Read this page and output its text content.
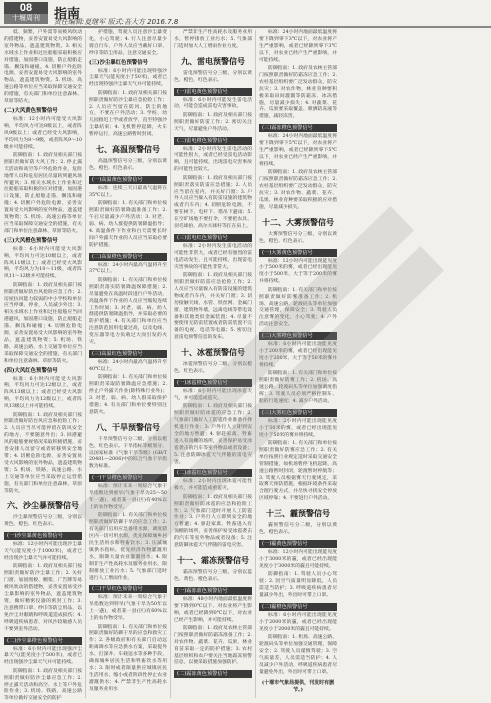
08
十堰周刊	指南
责任编辑:夏继军 版式:吾大方 2016.7.8
低、频繁，户外需等易被风吹动的搭建物，妥善安置易受大风影响的室外物品，遮盖建筑物资。3. 相关水域水上作业和过往船舶采取积极应对措施，加固港口设施，防止船舶走锚、搁浅和碰撞。4. 切断户外危险电源，妥善安置易受大风影响的室外物品，遮盖建筑物资。5. 机场、高速公路等单位应当采取保障交通安全的措施，有关部门和单位注意森林、草原等防火。
(二)大风黄色预警信号
标准：12小时内可能受大风影响，平均风力可达8级以上，或者阵风9级以上；或者已经受大风影响，平均风力为8～9级，或者阵风9～10级并可能持续。
防御指南：1. 政府及相关部门按照职责做好防大风工作；2. 停止露天活动和高空等户外危险作业，危险地带人员和危房居民尽量转到避风场所避风；3. 相关水域水上作业和过往船舶采取积极的应对措施，加固港口设施，防止船舶走锚、搁浅和碰撞；4. 切断户外危险电源，妥善安置易受大风影响的室外物品，遮盖建筑物资；5. 机场、高速公路等单位应当采取保障交通安全的措施，有关部门和单位注意森林、草原等防火。
(三)大风橙色预警信号
标准：6小时内可能受大风影响，平均风力可达10级以上，或者阵风11级以上；或者已经受大风影响，平均风力为10～11级，或者阵风11～12级并可能持续。
防御指南：1. 政府及相关部门按照职责做好防台风抢险应急工作；2. 房屋抗风能力较弱的中小学校和单位应当停课、停业，人员减少外出；3. 相关水域水上作业和过往船舶应当回港避风，加固港口设施，防止船舶走锚、搁浅和碰撞；4. 切断危险电源，妥善安置易受大风影响的室外物品，遮盖建筑物资；5. 机场、铁路、高速公路、水上交通等单位应当采取保障交通安全的措施，有关部门和单位注意森林、草原等防火。
(四)大风红色预警信号
标准：6小时内可能受大风影响，平均风力可达12级以上，或者阵风13级以上；或者已经受大风影响，平均风力为12级以上，或者阵风13级以上并可能持续。
防御指南：1. 政府及相关部门按照职责做好防台风应急和抢险工作；2. 人员应当尽可能停留在防风安全的地方，不要随意外出；3. 回港避风的船舶要视情况采取积极措施，妥善安排人员留守或者转移到安全地带；4. 切断危险电源，妥善安置易受大风影响的室外物品，遮盖建筑物资；5. 机场、铁路、高速公路、水上交通等单位应当采取停止运营措施，有关部门和单位注意森林、草原等防火。
六、沙尘暴预警信号
沙尘暴预警信号分三级，分别以黄色、橙色、红色表示。
(一)沙尘暴黄色预警信号
标准：12小时内可能出现沙尘暴天气(能见度小于1000米)，或者已经出现沙尘暴天气并可能持续。
防御指南：1. 政府及相关部门按照职责做好防沙尘暴工作；2. 关好门窗，加固围板、棚架、广告牌等易被风吹动的搭建物，妥善安置易受沙尘暴影响的室外物品，遮盖建筑物资，做好精密仪器的密封工作；3. 注意携带口罩、纱巾等防尘用品，以免沙尘对眼睛和呼吸道造成损伤；4. 呼吸道疾病患者、对风沙较敏感人员不要到室外活动。
(二)沙尘暴橙色预警信号
标准：6小时内可能出现强沙尘暴天气(能见度小于500米)，或者已经出现强沙尘暴天气并可能持续。
防御指南：1. 政府及相关部门按照职责做好防沙尘暴应急工作；2. 停止露天活动和高空、水上等户外危险作业；3. 机场、铁路、高速公路等单位做好交通安全的防护
护措施，驾驶人员注意沙尘暴变化，小心驾驶；4. 行人注意尽量少骑自行车，户外人员应当戴好口罩、纱巾等防尘用品，注意交通安全。
(三)沙尘暴红色预警信号
标准：6小时内可能出现特强沙尘暴天气(能见度小于50米)，或者已经出现特强沙尘暴天气并可能持续。
防御指南：1. 政府及相关部门按照职责做好防沙尘暴应急抢险工作；2. 人员应当留在防风、防尘的地方，不要在户外活动；3. 学校、幼儿园推迟上学或者放学，直至特强沙尘暴结束；4. 飞机暂停起降，火车暂停运行，高速公路暂时封闭。
七、高温预警信号
高温预警信号分三级，分别以黄色、橙色、红色表示。
(一)高温黄色预警信号
标准：连续三天日最高气温将在35℃以上。
防御指南：1. 有关部门和单位按照职责做好防暑降温准备工作；2. 午后尽量减少户外活动；3. 对老、弱、病、幼人群提供防暑降温指导；4. 高温条件下作业和白天需要长时间户外露天作业的人员应当采取必要防护措施。
(二)高温橙色预警信号
标准：24小时内最高气温将升至37℃以上。
防御指南：1. 有关部门和单位按照职责落实防暑降温保障措施；2. 尽量避免在高温时段进行户外活动，高温条件下作业的人员应当缩短连续工作时间；3. 对老、弱、病、幼人群提供防暑降温指导，并采取必要的防护措施；4. 有关部门和单位应当注意防范因用电量过高，以及电线、变压器等电力负载过大而引发的火灾。
(三)高温红色预警信号
标准：24小时内最高气温将升至40℃以上。
防御指南：1. 有关部门和单位按照职责采取防暑降温应急措施；2. 停止户外露天作业(除特殊行业外)；3. 对老、弱、病、幼人群采取保护措施；4. 有关部门和单位要特别注意防火。
八、干旱预警信号
干旱预警信号分二级，分别以橙色、红色表示。干旱指标等级划分，以国家标准《气象干旱等级》(GB/T20481—2006)中的综合气象干旱指数为标准。
(一)干旱橙色预警信号
标准：预计未来一周综合气象干旱指数达到重旱(气象干旱为25～50年一遇)，或者某一县(区)有40%以上的农作物受旱。
防御指南：1. 有关部门和单位按照职责做好防御干旱的应急工作；2. 有关部门启用应急备用水源，调度辖区内一切可用水源，优先保障城乡居民生活用水和牲畜饮水；3. 压减城镇供水指标，优先经济作物灌溉用水，限制大量农业灌溉用水；4. 限制非生产性高耗水及服务业用水，限制排放工业污水；5. 气象部门适时进行人工增雨作业。
(二)干旱红色预警信号
标准：预计未来一周综合气象干旱指数达到特旱(气象干旱为50年以上一遇)，或者某一县(区)有60%以上的农作物受旱。
防御指南：1. 有关部门和单位按照职责做好防御干旱的应急和救灾工作；2. 各级政府和有关部门启动远距离调水等应急供水方案，采取提外水、打深井、车载送水等多种手段，确保城乡居民生活和牲畜饮水等用水；3. 限时或者限量供应城镇居民生活用水，缩小或者阶段性停止农业灌溉供水；4. 严禁非生产性高耗水及服务业用水
严禁非生产性高耗水及服务业用水，暂停排放工业污水；5. 气象部门适时加大人工增雨作业力度。
九、雷电预警信号
雷电预警信号分三级，分别以黄色、橙色、红色表示。
(一)雷电黄色预警信号
标准：6小时内可能发生雷电活动，可能会造成雷电灾害事故。
防御指南：1. 政府及相关部门按照职责做好防雷工作；2. 密切关注天气，尽量避免户外活动。
(二)雷电橙色预警信号
标准：2小时内发生雷电活动的可能性很大，或者已经受雷电活动影响，且可能持续，出现雷电灾害事故的可能性比较大。
防御指南：1. 政府及相关部门按照职责落实防雷应急措施；2. 人员应当留在室内，并关好门窗；3. 户外人员应当躲入有防雷设施的建筑物或者汽车内；4. 切断危险电源，不要在树下、电杆下、塔吊下避雨；5. 在空旷场地不要打伞，不要把农具、羽毛球拍、高尔夫球杆等扛在肩上。
(三)雷电红色预警信号
标准：2小时内发生雷电活动的可能性非常大，或者已经有强烈的雷电活动发生，且可能持续，出现雷电灾害事故的可能性非常大。
防御指南：1. 政府及相关部门按照职责做好防雷应急抢险工作；2. 人员应当尽量躲入有防雷设施的建筑物或者汽车内，并关好门窗；3. 切勿接触天线、水管、铁丝网、金属门窗、建筑物外墙，远离电线等带电设备和其他类似金属装置；4. 尽量不要使用无防雷装置或者防雷装置不完备的电视、电话等电器；5. 密切注意雷电预警信息的发布。
十、冰雹预警信号
冰雹预警信号分二级，分别以橙色、红色表示。
(一)冰雹橙色预警信号
标准：6小时内可能出现冰雹天气，并可能造成雹灾。
防御指南：1. 政府及相关部门按照职责做好防冰雹的应急工作；2. 气象部门做好人工防雹作业准备并择机进行作业；3. 户外行人立即到安全的地方暂避；4. 驱赶家禽、牲畜进入有顶棚的场所，妥善保护易受冰雹袭击的汽车等室外物品或者设备；5. 注意防御冰雹天气伴随的雷电灾害。
(二)冰雹红色预警信号
标准：2小时内出现冰雹可能性极大，并可能造成重雹灾。
防御指南：1. 政府及相关部门按照职责做好防冰雹的应急和抢险工作；2. 气象部门适时开展人工防雹作业；3. 户外行人立即到安全的地方暂避；4. 驱赶家禽、牲畜进入有顶棚的场所，妥善保护易受冰雹袭击的汽车等室外物品或者设备；5. 注意防御冰雹天气伴随的雷电灾害。
十一、霜冻预警信号
霜冻预警信号分三级，分别以蓝色、黄色、橙色表示。
(一)霜冻蓝色预警信号
标准：48小时内地面最低温度将要下降到0℃以下，对农业将产生影响，或者已经降到0℃以下，对农业已经产生影响，并可能持续。
防御指南：1. 政府及农林主管部门按照职责做好防霜冻准备工作；2. 对农作物、蔬菜、花卉、瓜果、林业育苗采取一定的防护措施；3. 农村基层组织和农户要关注当地霜冻预警信息，以便采取措施加强防护。
(二)霜冻黄色预警信号
标准：24小时内地面最低温度将要下降到零下3℃以下，对农业将产生严重影响，或者已经降到零下3℃以下，对农业已经产生严重影响，并可能持续。
防御指南：1. 政府及农林主管部门按照职责做好防霜冻应急工作；2. 农村基层组织要广泛发动群众，防灾抗灾；3. 对农作物、林业育种要积极采取田间灌溉等防霜冻、冰冻措施，尽量减少损失；4. 对蔬菜、花卉、瓜果要采取覆盖、喷洒防冻液等措施，减轻冻害。
(三)霜冻橙色预警信号
标准：24小时内地面最低温度将要下降到零下5℃以下，对农业将产生严重影响，或者已经降到零下5℃以下，对农业已经产生严重影响，并将持续。
防御指南：1. 政府及农林主管部门按照职责做好防霜冻应急工作；2. 农村基层组织要广泛发动群众，防灾抗灾；3. 对农作物、蔬菜、花卉、瓜果、林业育种要采取积极的应对措施，尽量减少损失。
十二、大雾预警信号
大雾预警信号分三级，分别以黄色、橙色、红色表示。
(一)大雾黄色预警信号
标准：12小时内可能出现能见度小于500米的雾，或者已经出现能见度小于500米、大于等于200米的雾并将持续。
防御指南：1. 有关部门和单位按照职责做好防雾准备工作；2. 机场、高速公路、轮渡码头等单位加强交通管理，保障安全；3. 驾驶人员注意雾的变化，小心驾驶；4. 户外活动注意安全。
(二)大雾橙色预警信号
标准：6小时内可能出现能见度小于200米的雾，或者已经出现能见度小于200米、大于等于50米的雾并将持续。
防御指南：1. 有关部门和单位按照职责做好防雾工作；2. 机场、高速公路、轮渡码头等单位加强调度指挥；3. 驾驶人员必须严格控制车、船的行进速度；4. 减少户外活动。
(三)大雾红色预警信号
标准：2小时内可能出现能见度小于50米的雾，或者已经出现能见度小于50米的雾并将持续。
防御指南：1. 有关部门和单位按照职责做好防雾应急工作；2. 有关单位按照行业规定适时采取交通安全管制措施，如机场暂停飞机起降，高速公路暂时封闭，轮渡暂时停航等；3. 驾驶人员根据雾天行驶规定，采取雾天预防措施，根据环境条件采取合理行驶方式，并尽快寻找安全停放区域停靠；4. 不要进行户外活动。
十三、霾预警信号
霾预警信号分二级，分别以黄色、橙色表示。
(一)霾黄色预警信号
标准：12小时内可能出现能见度小于3000米的霾，或者已经出现能见度小于3000米的霾且可能持续。
防御指南：1. 驾驶人员小心驾驶；2. 因空气质量明显降低，人员需适当防护；3. 呼吸道疾病患者尽量减少外出，外出时可带上口罩。
(二)霾橙色预警信号
标准：6小时内可能出现能见度小于2000米的霾，或者已经出现能见度小于2000米的霾且可能持续。
防御指南：1. 机场、高速公路、轮渡码头等单位加强交通管理，保障安全；2. 驾驶人员谨慎驾驶；3. 空气质量差，人员需适当防护；4. 人员减少户外活动，呼吸道疾病患者尽量避免外出，外出时可带上口罩。
(十堰市气象局提供，刊发时有删节。)
